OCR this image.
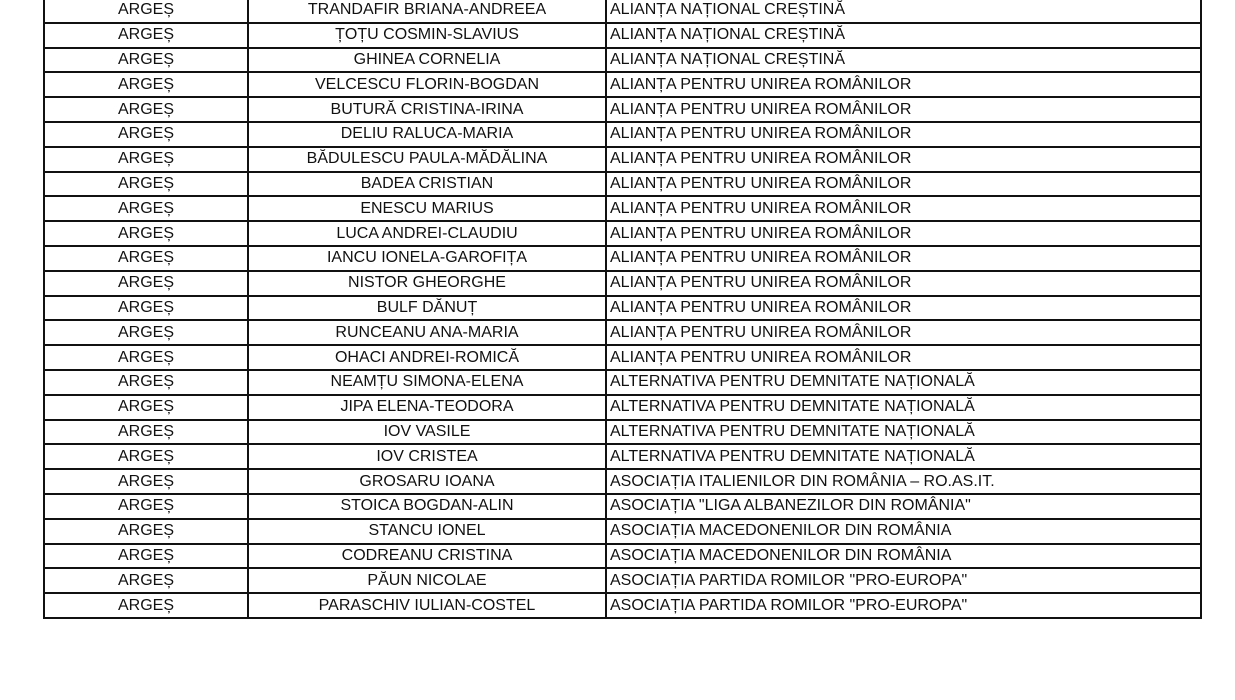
ARGEȘ	TRANDAFIR BRIANA-ANDREEA	ALIANȚA NAȚIONAL CREȘTINĂ
ARGEȘ	ȚOȚU COSMIN-SLAVIUS	ALIANȚA NAȚIONAL CREȘTINĂ
ARGEȘ	GHINEA CORNELIA	ALIANȚA NAȚIONAL CREȘTINĂ
ARGEȘ	VELCESCU FLORIN-BOGDAN	ALIANȚA PENTRU UNIREA ROMÂNILOR
ARGEȘ	BUTURĂ CRISTINA-IRINA	ALIANȚA PENTRU UNIREA ROMÂNILOR
ARGEȘ	DELIU RALUCA-MARIA	ALIANȚA PENTRU UNIREA ROMÂNILOR
ARGEȘ	BĂDULESCU PAULA-MĂDĂLINA	ALIANȚA PENTRU UNIREA ROMÂNILOR
ARGEȘ	BADEA CRISTIAN	ALIANȚA PENTRU UNIREA ROMÂNILOR
ARGEȘ	ENESCU MARIUS	ALIANȚA PENTRU UNIREA ROMÂNILOR
ARGEȘ	LUCA ANDREI-CLAUDIU	ALIANȚA PENTRU UNIREA ROMÂNILOR
ARGEȘ	IANCU IONELA-GAROFIȚA	ALIANȚA PENTRU UNIREA ROMÂNILOR
ARGEȘ	NISTOR GHEORGHE	ALIANȚA PENTRU UNIREA ROMÂNILOR
ARGEȘ	BULF DĂNUȚ	ALIANȚA PENTRU UNIREA ROMÂNILOR
ARGEȘ	RUNCEANU ANA-MARIA	ALIANȚA PENTRU UNIREA ROMÂNILOR
ARGEȘ	OHACI ANDREI-ROMICĂ	ALIANȚA PENTRU UNIREA ROMÂNILOR
ARGEȘ	NEAMȚU SIMONA-ELENA	ALTERNATIVA PENTRU DEMNITATE NAȚIONALĂ
ARGEȘ	JIPA ELENA-TEODORA	ALTERNATIVA PENTRU DEMNITATE NAȚIONALĂ
ARGEȘ	IOV VASILE	ALTERNATIVA PENTRU DEMNITATE NAȚIONALĂ
ARGEȘ	IOV CRISTEA	ALTERNATIVA PENTRU DEMNITATE NAȚIONALĂ
ARGEȘ	GROSARU IOANA	ASOCIAȚIA ITALIENILOR DIN ROMÂNIA – RO.AS.IT.
ARGEȘ	STOICA BOGDAN-ALIN	ASOCIAȚIA "LIGA ALBANEZILOR DIN ROMÂNIA"
ARGEȘ	STANCU IONEL	ASOCIAȚIA MACEDONENILOR DIN ROMÂNIA
ARGEȘ	CODREANU CRISTINA	ASOCIAȚIA MACEDONENILOR DIN ROMÂNIA
ARGEȘ	PĂUN NICOLAE	ASOCIAȚIA PARTIDA ROMILOR "PRO-EUROPA"
ARGEȘ	PARASCHIV IULIAN-COSTEL	ASOCIAȚIA PARTIDA ROMILOR "PRO-EUROPA"
